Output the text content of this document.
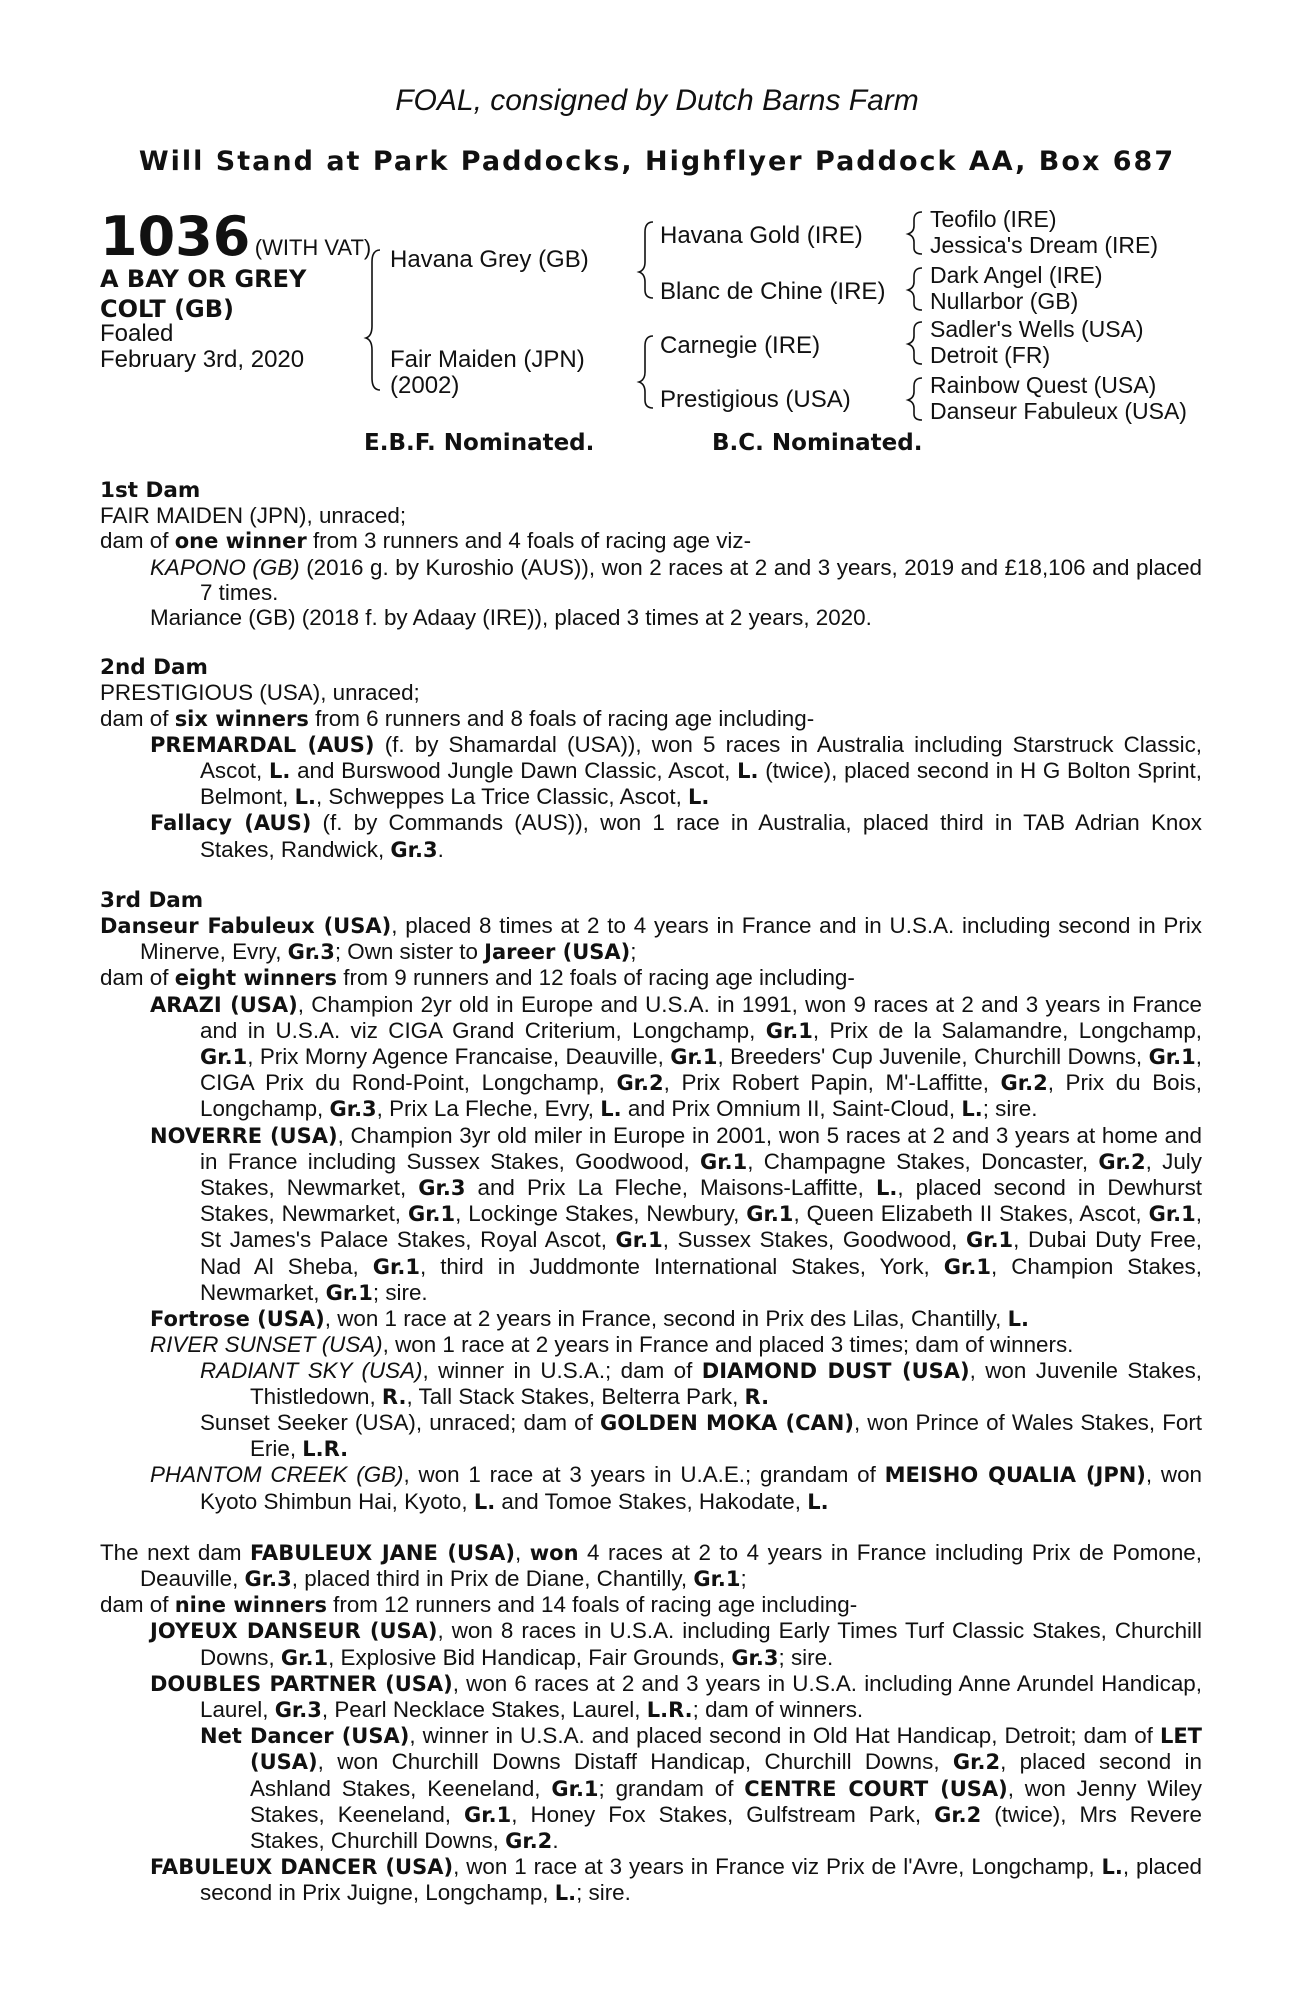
FOAL, consigned by Dutch Barns Farm
Will Stand at Park Paddocks, Highflyer Paddock AA, Box 687
1036 (WITH VAT)
A BAY OR GREY
COLT (GB)
Foaled
February 3rd, 2020
Havana Grey (GB)
Fair Maiden (JPN)
(2002)
Havana Gold (IRE)
Blanc de Chine (IRE)
Carnegie (IRE)
Prestigious (USA)
Teofilo (IRE)
Jessica's Dream (IRE)
Dark Angel (IRE)
Nullarbor (GB)
Sadler's Wells (USA)
Detroit (FR)
Rainbow Quest (USA)
Danseur Fabuleux (USA)
E.B.F. Nominated.	B.C. Nominated.
1st Dam

FAIR MAIDEN (JPN), unraced;

dam of one winner from 3 runners and 4 foals of racing age viz-

KAPONO (GB) (2016 g. by Kuroshio (AUS)), won 2 races at 2 and 3 years, 2019 and £18,106 and placed 7 times.

Mariance (GB) (2018 f. by Adaay (IRE)), placed 3 times at 2 years, 2020.

2nd Dam

PRESTIGIOUS (USA), unraced;

dam of six winners from 6 runners and 8 foals of racing age including-

PREMARDAL (AUS) (f. by Shamardal (USA)), won 5 races in Australia including Starstruck Classic, Ascot, L. and Burswood Jungle Dawn Classic, Ascot, L. (twice), placed second in H G Bolton Sprint, Belmont, L., Schweppes La Trice Classic, Ascot, L.

Fallacy (AUS) (f. by Commands (AUS)), won 1 race in Australia, placed third in TAB Adrian Knox Stakes, Randwick, Gr.3.

3rd Dam

Danseur Fabuleux (USA), placed 8 times at 2 to 4 years in France and in U.S.A. including second in Prix Minerve, Evry, Gr.3; Own sister to Jareer (USA);

dam of eight winners from 9 runners and 12 foals of racing age including-

ARAZI (USA), Champion 2yr old in Europe and U.S.A. in 1991, won 9 races at 2 and 3 years in France and in U.S.A. viz CIGA Grand Criterium, Longchamp, Gr.1, Prix de la Salamandre, Longchamp, Gr.1, Prix Morny Agence Francaise, Deauville, Gr.1, Breeders' Cup Juvenile, Churchill Downs, Gr.1, CIGA Prix du Rond-Point, Longchamp, Gr.2, Prix Robert Papin, M'-Laffitte, Gr.2, Prix du Bois, Longchamp, Gr.3, Prix La Fleche, Evry, L. and Prix Omnium II, Saint-Cloud, L.; sire.

NOVERRE (USA), Champion 3yr old miler in Europe in 2001, won 5 races at 2 and 3 years at home and in France including Sussex Stakes, Goodwood, Gr.1, Champagne Stakes, Doncaster, Gr.2, July Stakes, Newmarket, Gr.3 and Prix La Fleche, Maisons-Laffitte, L., placed second in Dewhurst Stakes, Newmarket, Gr.1, Lockinge Stakes, Newbury, Gr.1, Queen Elizabeth II Stakes, Ascot, Gr.1, St James's Palace Stakes, Royal Ascot, Gr.1, Sussex Stakes, Goodwood, Gr.1, Dubai Duty Free, Nad Al Sheba, Gr.1, third in Juddmonte International Stakes, York, Gr.1, Champion Stakes, Newmarket, Gr.1; sire.

Fortrose (USA), won 1 race at 2 years in France, second in Prix des Lilas, Chantilly, L.

RIVER SUNSET (USA), won 1 race at 2 years in France and placed 3 times; dam of winners.

RADIANT SKY (USA), winner in U.S.A.; dam of DIAMOND DUST (USA), won Juvenile Stakes, Thistledown, R., Tall Stack Stakes, Belterra Park, R.

Sunset Seeker (USA), unraced; dam of GOLDEN MOKA (CAN), won Prince of Wales Stakes, Fort Erie, L.R.

PHANTOM CREEK (GB), won 1 race at 3 years in U.A.E.; grandam of MEISHO QUALIA (JPN), won Kyoto Shimbun Hai, Kyoto, L. and Tomoe Stakes, Hakodate, L.

The next dam FABULEUX JANE (USA), won 4 races at 2 to 4 years in France including Prix de Pomone, Deauville, Gr.3, placed third in Prix de Diane, Chantilly, Gr.1;

dam of nine winners from 12 runners and 14 foals of racing age including-

JOYEUX DANSEUR (USA), won 8 races in U.S.A. including Early Times Turf Classic Stakes, Churchill Downs, Gr.1, Explosive Bid Handicap, Fair Grounds, Gr.3; sire.

DOUBLES PARTNER (USA), won 6 races at 2 and 3 years in U.S.A. including Anne Arundel Handicap, Laurel, Gr.3, Pearl Necklace Stakes, Laurel, L.R.; dam of winners.

Net Dancer (USA), winner in U.S.A. and placed second in Old Hat Handicap, Detroit; dam of LET (USA), won Churchill Downs Distaff Handicap, Churchill Downs, Gr.2, placed second in Ashland Stakes, Keeneland, Gr.1; grandam of CENTRE COURT (USA), won Jenny Wiley Stakes, Keeneland, Gr.1, Honey Fox Stakes, Gulfstream Park, Gr.2 (twice), Mrs Revere Stakes, Churchill Downs, Gr.2.

FABULEUX DANCER (USA), won 1 race at 3 years in France viz Prix de l'Avre, Longchamp, L., placed second in Prix Juigne, Longchamp, L.; sire.
